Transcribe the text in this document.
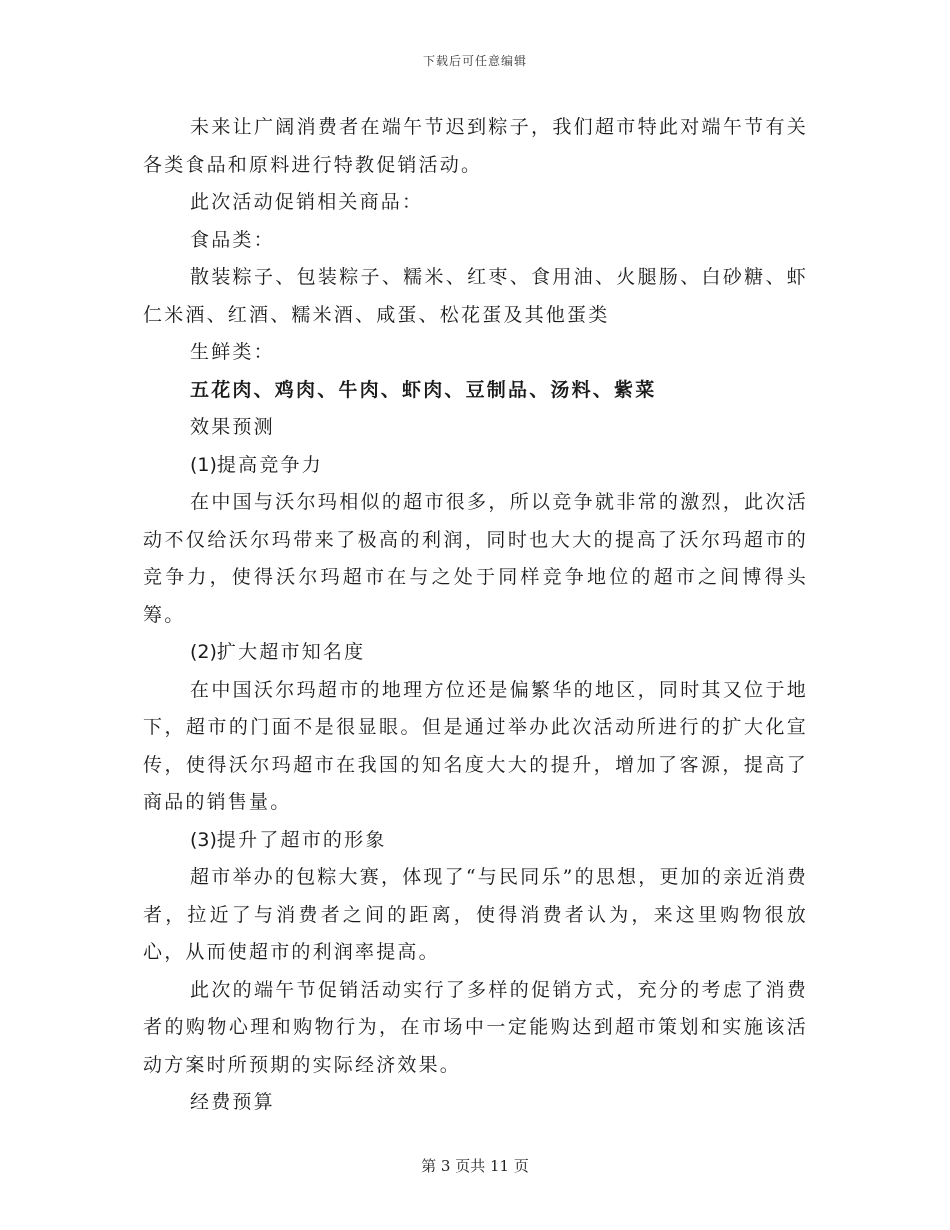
下载后可任意编辑

未来让广阔消费者在端午节迟到粽子，我们超市特此对端午节有关各类食品和原料进行特教促销活动。

此次活动促销相关商品：

食品类：

散装粽子、包装粽子、糯米、红枣、食用油、火腿肠、白砂糖、虾仁米酒、红酒、糯米酒、咸蛋、松花蛋及其他蛋类

生鲜类：

五花肉、鸡肉、牛肉、虾肉、豆制品、汤料、紫菜

效果预测

(1)提高竞争力

在中国与沃尔玛相似的超市很多，所以竞争就非常的激烈，此次活动不仅给沃尔玛带来了极高的利润，同时也大大的提高了沃尔玛超市的竞争力，使得沃尔玛超市在与之处于同样竞争地位的超市之间博得头筹。

(2)扩大超市知名度

在中国沃尔玛超市的地理方位还是偏繁华的地区，同时其又位于地下，超市的门面不是很显眼。但是通过举办此次活动所进行的扩大化宣传，使得沃尔玛超市在我国的知名度大大的提升，增加了客源，提高了商品的销售量。

(3)提升了超市的形象

超市举办的包粽大赛，体现了“与民同乐”的思想，更加的亲近消费者，拉近了与消费者之间的距离，使得消费者认为，来这里购物很放心，从而使超市的利润率提高。

此次的端午节促销活动实行了多样的促销方式，充分的考虑了消费者的购物心理和购物行为，在市场中一定能购达到超市策划和实施该活动方案时所预期的实际经济效果。

经费预算

第 3 页共 11 页
